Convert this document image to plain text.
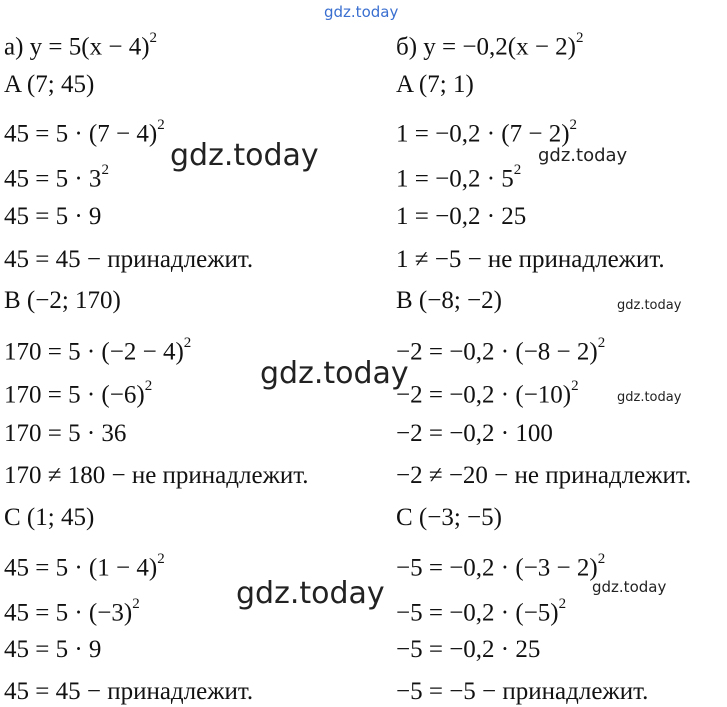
а) $y = 5(x - 4)^2$
A (7; 45)
$45 = 5 \cdot (7 - 4)^2$
$45 = 5 \cdot 3^2$
45 = 5 · 9
45 = 45 − принадлежит.
B (−2; 170)
$170 = 5 \cdot (-2 - 4)^2$
$170 = 5 \cdot (-6)^2$
170 = 5 · 36
170 ≠ 180 − не принадлежит.
C (1; 45)
$45 = 5 \cdot (1 - 4)^2$
$45 = 5 \cdot (-3)^2$
45 = 5 · 9
45 = 45 − принадлежит.
б) $y = -0,2(x - 2)^2$
A (7; 1)
$1 = -0,2 \cdot (7 - 2)^2$
$1 = -0,2 \cdot 5^2$
1 = −0,2 · 25
1 ≠ −5 − не принадлежит.
B (−8; −2)
$-2 = -0,2 \cdot (-8 - 2)^2$
$-2 = -0,2 \cdot (-10)^2$
−2 = −0,2 · 100
−2 ≠ −20 − не принадлежит.
C (−3; −5)
$-5 = -0,2 \cdot (-3 - 2)^2$
$-5 = -0,2 \cdot (-5)^2$
−5 = −0,2 · 25
−5 = −5 − принадлежит.
gdz.today
gdz.today	gdz.today
gdz.today
gdz.today
gdz.today
gdz.today
gdz.today
